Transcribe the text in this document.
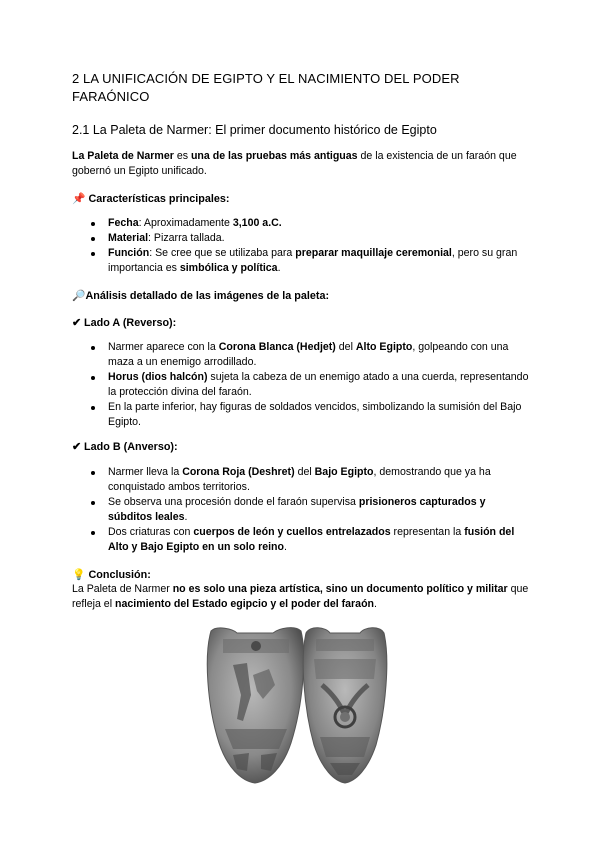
2 LA UNIFICACIÓN DE EGIPTO Y EL NACIMIENTO DEL PODER FARAÓNICO
2.1 La Paleta de Narmer: El primer documento histórico de Egipto

La Paleta de Narmer es una de las pruebas más antiguas de la existencia de un faraón que gobernó un Egipto unificado.

📌 Características principales:

Fecha: Aproximadamente 3,100 a.C.
Material: Pizarra tallada.
Función: Se cree que se utilizaba para preparar maquillaje ceremonial, pero su gran importancia es simbólica y política.

🔎Análisis detallado de las imágenes de la paleta:

✔ Lado A (Reverso):

Narmer aparece con la Corona Blanca (Hedjet) del Alto Egipto, golpeando con una maza a un enemigo arrodillado.
Horus (dios halcón) sujeta la cabeza de un enemigo atado a una cuerda, representando la protección divina del faraón.
En la parte inferior, hay figuras de soldados vencidos, simbolizando la sumisión del Bajo Egipto.

✔ Lado B (Anverso):

Narmer lleva la Corona Roja (Deshret) del Bajo Egipto, demostrando que ya ha conquistado ambos territorios.
Se observa una procesión donde el faraón supervisa prisioneros capturados y súbditos leales.
Dos criaturas con cuerpos de león y cuellos entrelazados representan la fusión del Alto y Bajo Egipto en un solo reino.

💡 Conclusión:

La Paleta de Narmer no es solo una pieza artística, sino un documento político y militar que refleja el nacimiento del Estado egipcio y el poder del faraón.
